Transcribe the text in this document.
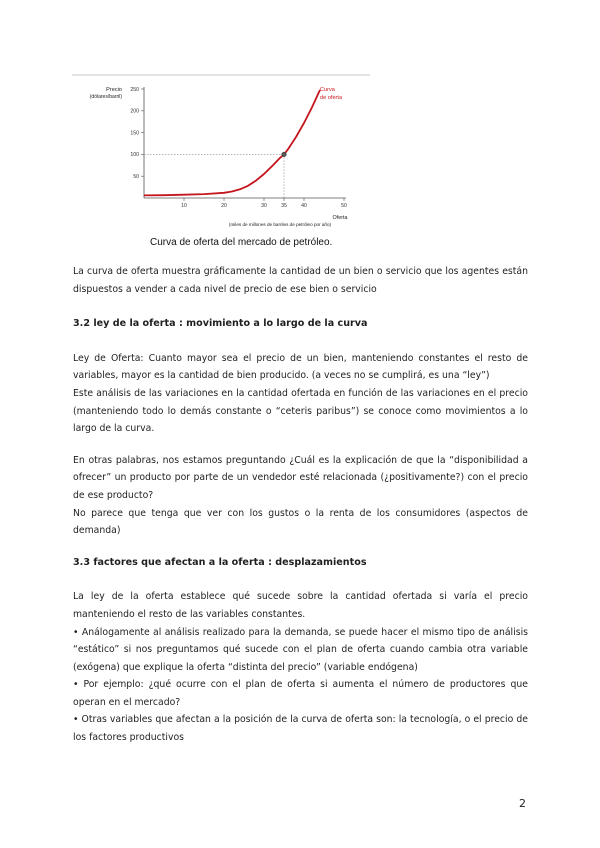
Precio
(dólares/barril)
Oferta
(miles de millones de barriles de petróleo por año)
Curva
de oferta
50
100
150
200
250
10	20	30	35	40	50
Curva de oferta del mercado de petróleo.

La curva de oferta muestra gráficamente la cantidad de un bien o servicio que los agentes están dispuestos a vender a cada nivel de precio de ese bien o servicio

3.2 ley de la oferta : movimiento a lo largo de la curva

Ley de Oferta: Cuanto mayor sea el precio de un bien, manteniendo constantes el resto de variables, mayor es la cantidad de bien producido. (a veces no se cumplirá, es una “ley”)

Este análisis de las variaciones en la cantidad ofertada en función de las variaciones en el precio (manteniendo todo lo demás constante o “ceteris paribus”) se conoce como movimientos a lo largo de la curva.

En otras palabras, nos estamos preguntando ¿Cuál es la explicación de que la “disponibilidad a ofrecer” un producto por parte de un vendedor esté relacionada (¿positivamente?) con el precio de ese producto?

No parece que tenga que ver con los gustos o la renta de los consumidores (aspectos de demanda)

3.3 factores que afectan a la oferta : desplazamientos

La ley de la oferta establece qué sucede sobre la cantidad ofertada si varía el precio manteniendo el resto de las variables constantes.

• Análogamente al análisis realizado para la demanda, se puede hacer el mismo tipo de análisis “estático” si nos preguntamos qué sucede con el plan de oferta cuando cambia otra variable (exógena) que explique la oferta “distinta del precio” (variable endógena)

• Por ejemplo: ¿qué ocurre con el plan de oferta si aumenta el número de productores que operan en el mercado?

• Otras variables que afectan a la posición de la curva de oferta son: la tecnología, o el precio de los factores productivos

2
